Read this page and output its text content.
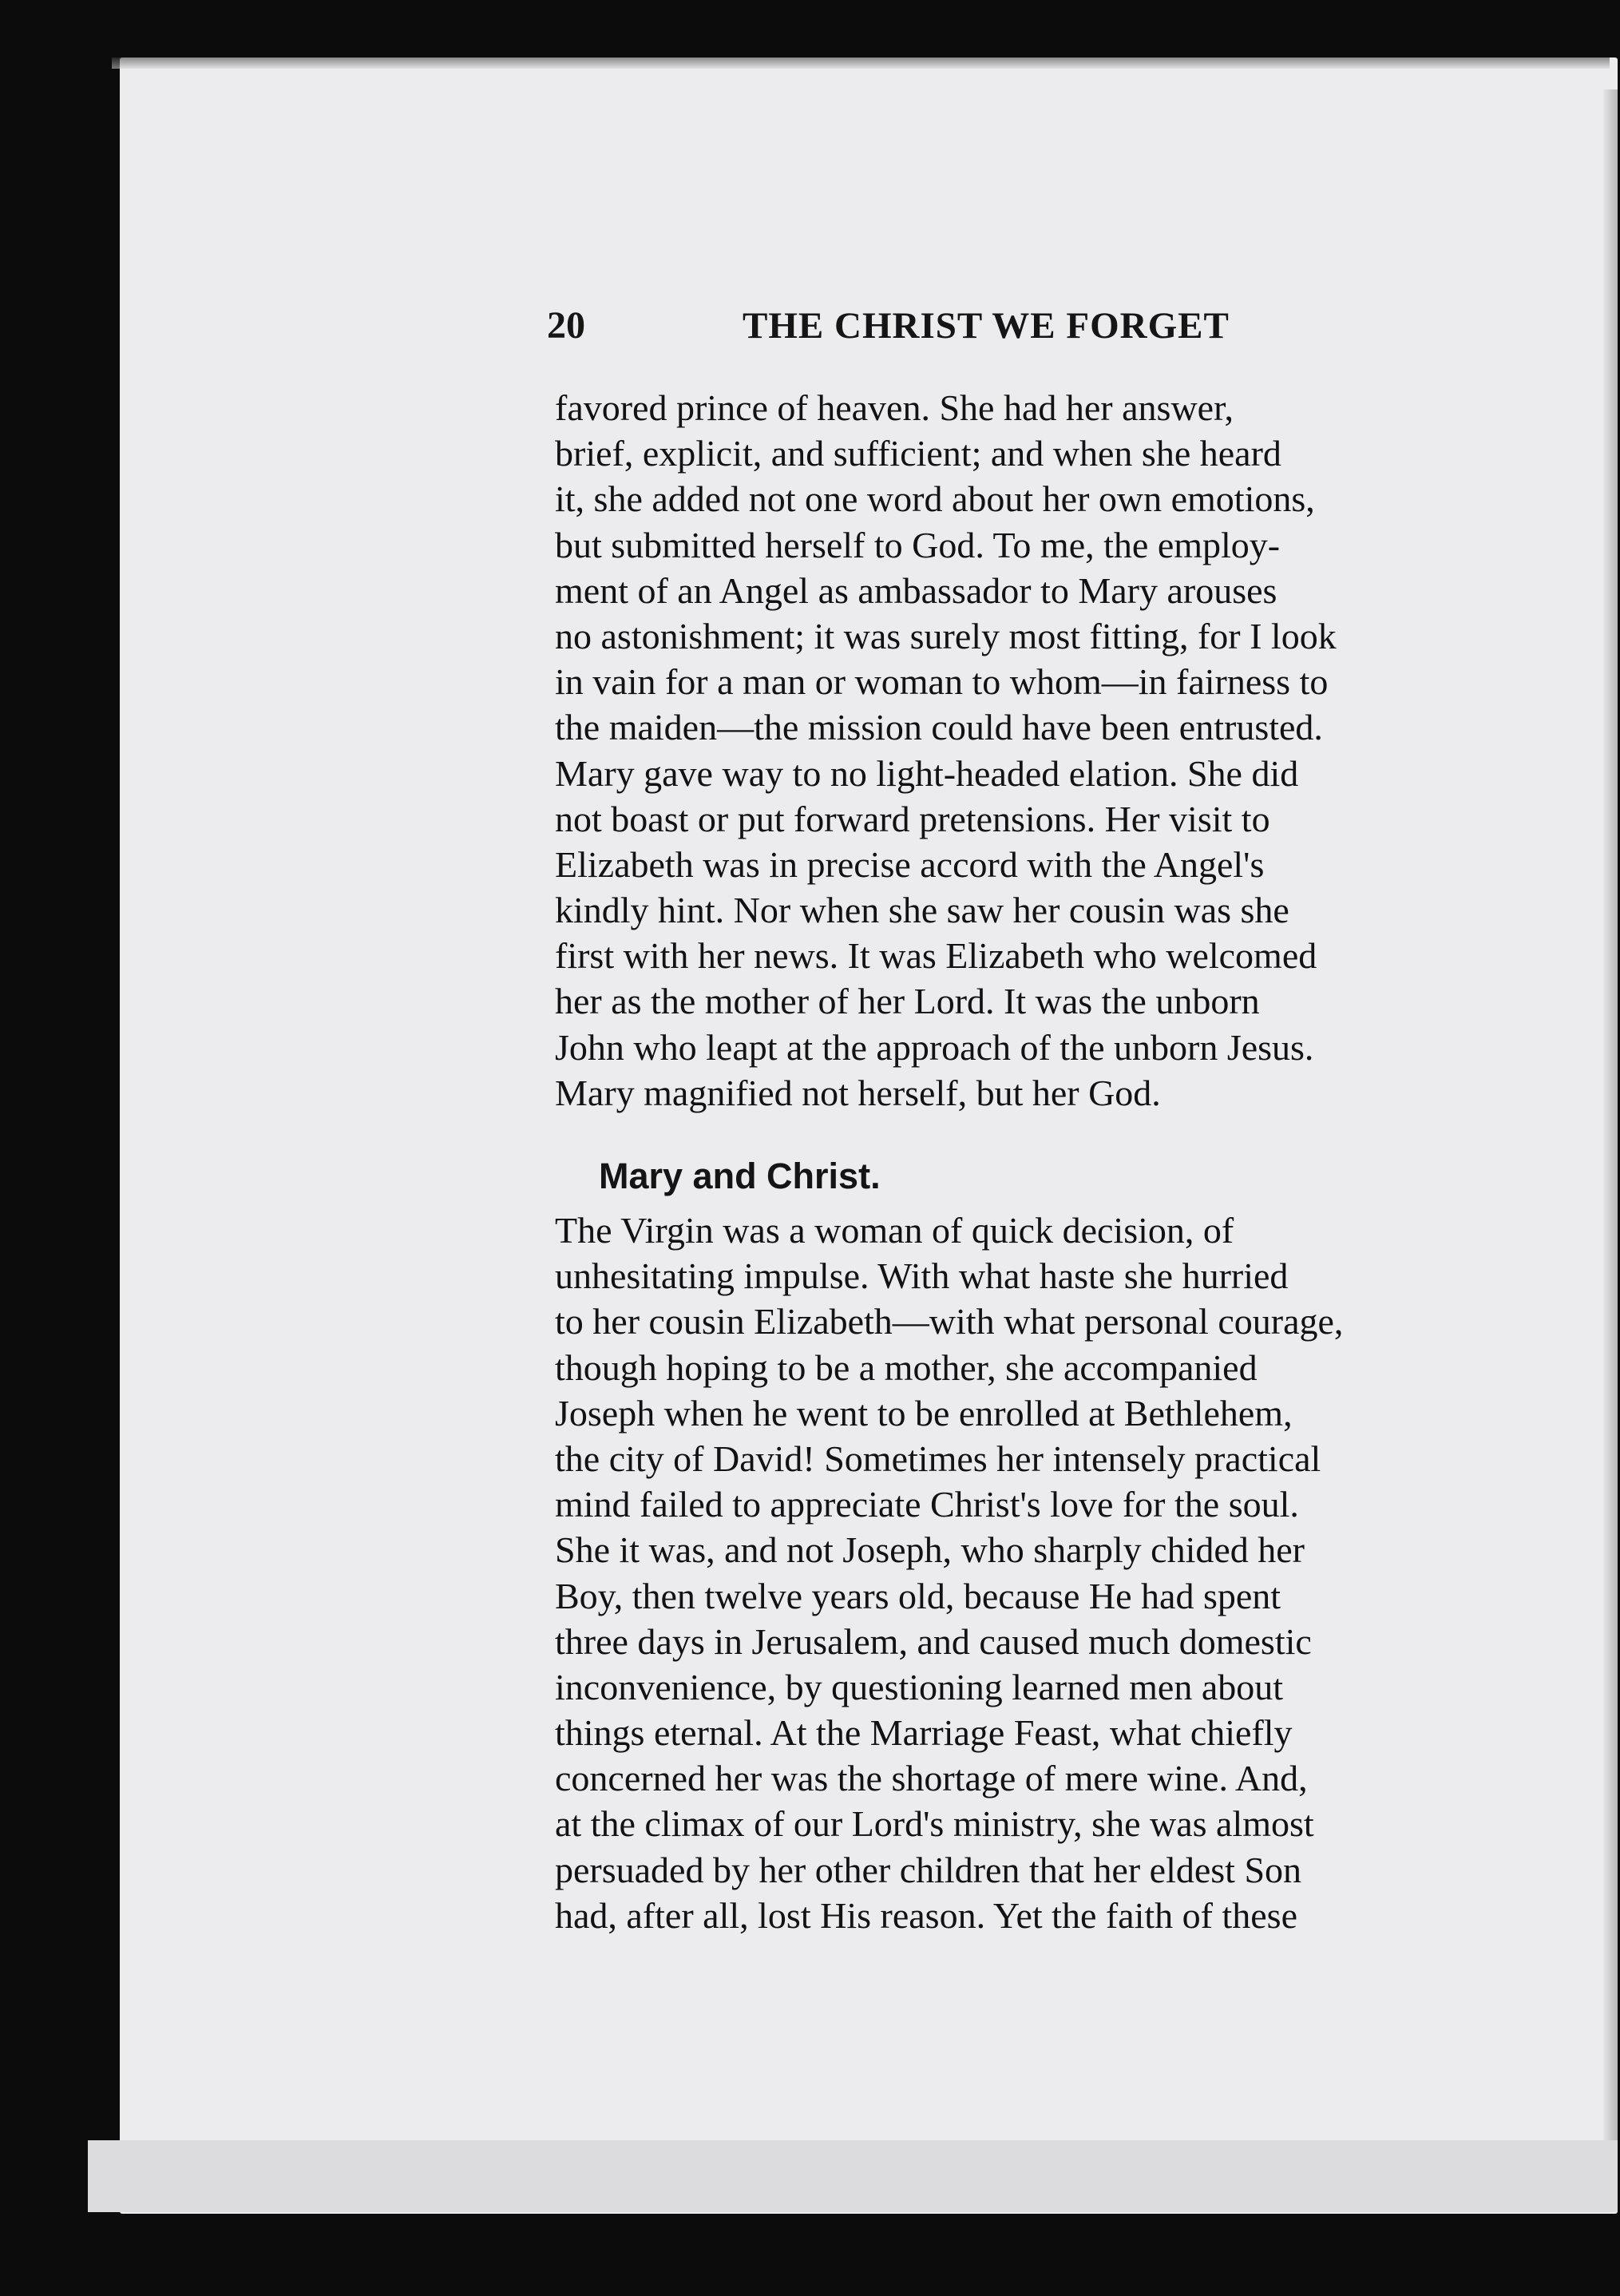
20	THE CHRIST WE FORGET
favored prince of heaven. She had her answer,
brief, explicit, and sufficient; and when she heard
it, she added not one word about her own emotions,
but submitted herself to God. To me, the employ-
ment of an Angel as ambassador to Mary arouses
no astonishment; it was surely most fitting, for I look
in vain for a man or woman to whom—in fairness to
the maiden—the mission could have been entrusted.
Mary gave way to no light-headed elation. She did
not boast or put forward pretensions. Her visit to
Elizabeth was in precise accord with the Angel's
kindly hint. Nor when she saw her cousin was she
first with her news. It was Elizabeth who welcomed
her as the mother of her Lord. It was the unborn
John who leapt at the approach of the unborn Jesus.
Mary magnified not herself, but her God.
Mary and Christ.
The Virgin was a woman of quick decision, of
unhesitating impulse. With what haste she hurried
to her cousin Elizabeth—with what personal courage,
though hoping to be a mother, she accompanied
Joseph when he went to be enrolled at Bethlehem,
the city of David! Sometimes her intensely practical
mind failed to appreciate Christ's love for the soul.
She it was, and not Joseph, who sharply chided her
Boy, then twelve years old, because He had spent
three days in Jerusalem, and caused much domestic
inconvenience, by questioning learned men about
things eternal. At the Marriage Feast, what chiefly
concerned her was the shortage of mere wine. And,
at the climax of our Lord's ministry, she was almost
persuaded by her other children that her eldest Son
had, after all, lost His reason. Yet the faith of these
